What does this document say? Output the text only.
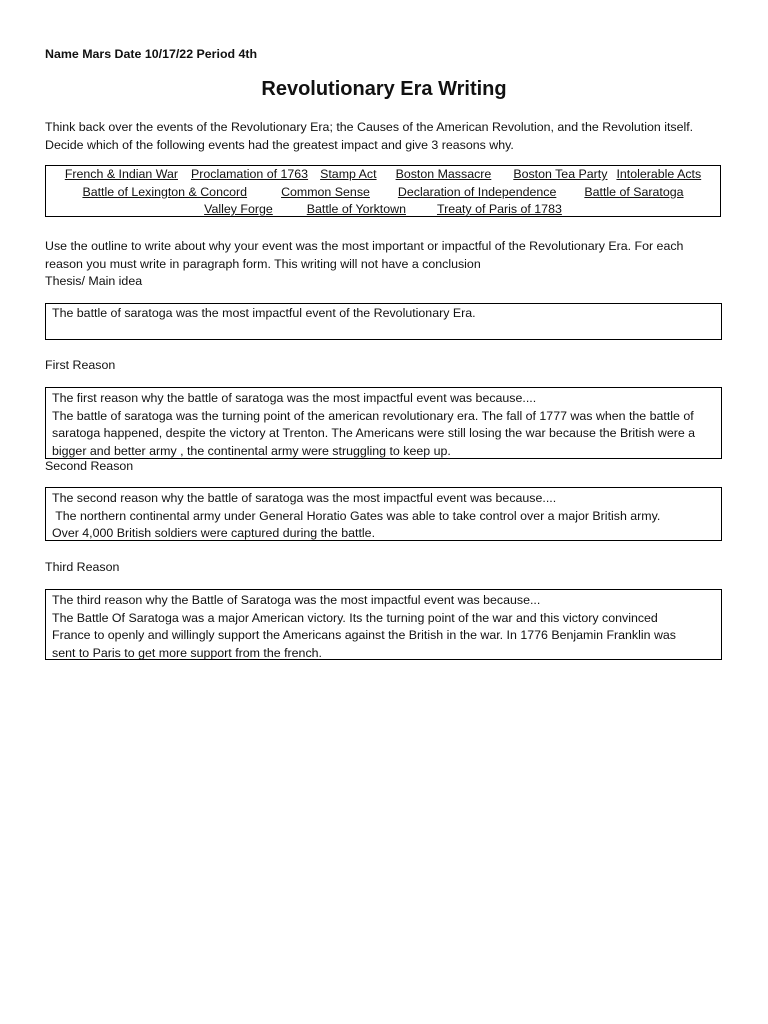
Name Mars Date 10/17/22 Period 4th
Revolutionary Era Writing
Think back over the events of the Revolutionary Era; the Causes of the American Revolution, and the Revolution itself.
Decide which of the following events had the greatest impact and give 3 reasons why.
French & Indian War Proclamation of 1763 Stamp Act Boston Massacre Boston Tea Party Intolerable Acts
Battle of Lexington & Concord	Common Sense Declaration of Independence Battle of Saratoga
Valley Forge	Battle of Yorktown	Treaty of Paris of 1783
Use the outline to write about why your event was the most important or impactful of the Revolutionary Era. For each
reason you must write in paragraph form. This writing will not have a conclusion
Thesis/ Main idea
The battle of saratoga was the most impactful event of the Revolutionary Era.
First Reason
The first reason why the battle of saratoga was the most impactful event was because....
The battle of saratoga was the turning point of the american revolutionary era. The fall of 1777 was when the battle of
saratoga happened, despite the victory at Trenton. The Americans were still losing the war because the British were a
bigger and better army , the continental army were struggling to keep up.
Second Reason
The second reason why the battle of saratoga was the most impactful event was because....
The northern continental army under General Horatio Gates was able to take control over a major British army.
Over 4,000 British soldiers were captured during the battle.
Third Reason
The third reason why the Battle of Saratoga was the most impactful event was because...
The Battle Of Saratoga was a major American victory. Its the turning point of the war and this victory convinced
France to openly and willingly support the Americans against the British in the war. In 1776 Benjamin Franklin was
sent to Paris to get more support from the french.
